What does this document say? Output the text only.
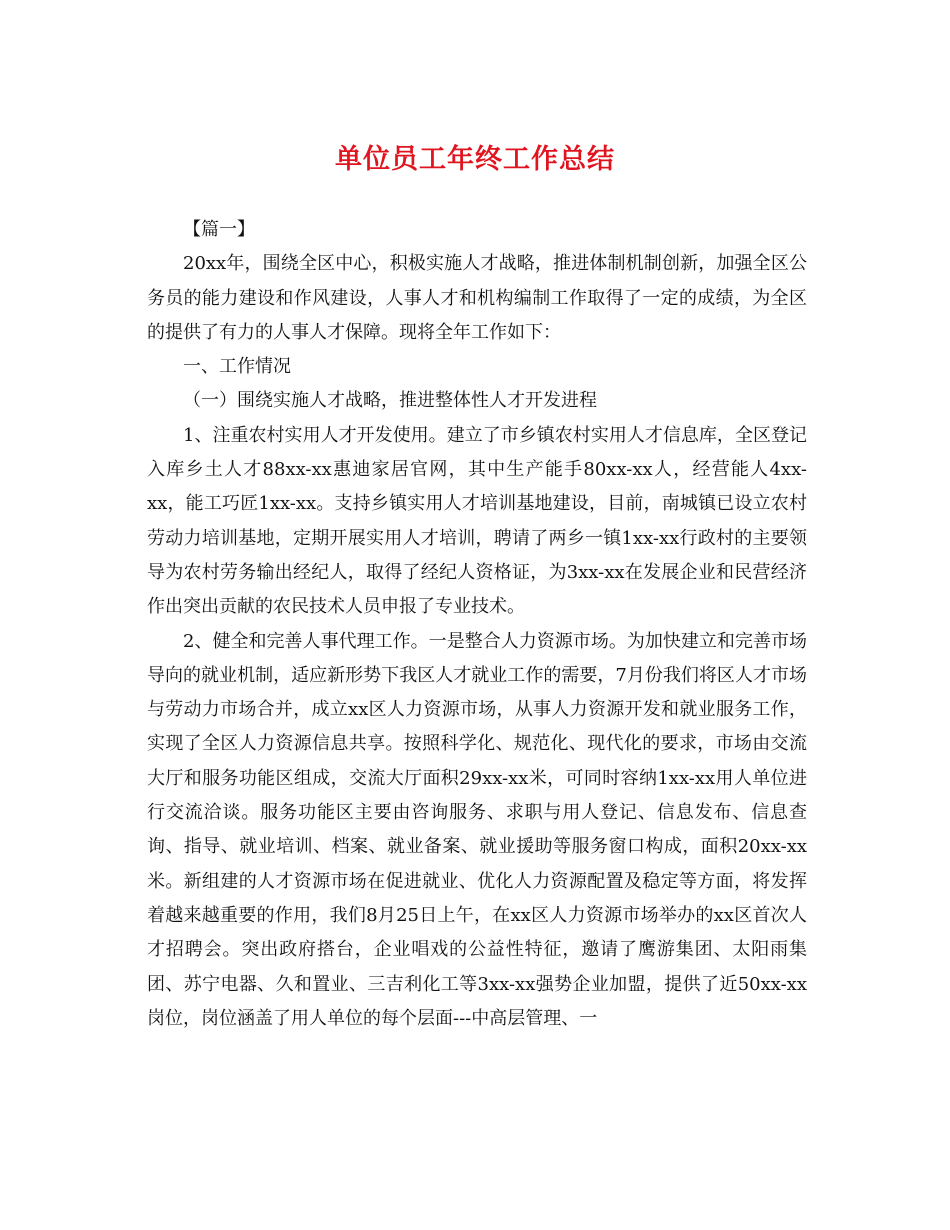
单位员工年终工作总结

【篇一】

20xx年，围绕全区中心，积极实施人才战略，推进体制机制创新，加强全区公务员的能力建设和作风建设，人事人才和机构编制工作取得了一定的成绩，为全区的提供了有力的人事人才保障。现将全年工作如下：

一、工作情况

（一）围绕实施人才战略，推进整体性人才开发进程

1、注重农村实用人才开发使用。建立了市乡镇农村实用人才信息库，全区登记入库乡土人才88xx-xx惠迪家居官网，其中生产能手80xx-xx人，经营能人4xx-xx，能工巧匠1xx-xx。支持乡镇实用人才培训基地建设，目前，南城镇已设立农村劳动力培训基地，定期开展实用人才培训，聘请了两乡一镇1xx-xx行政村的主要领导为农村劳务输出经纪人，取得了经纪人资格证，为3xx-xx在发展企业和民营经济作出突出贡献的农民技术人员申报了专业技术。

2、健全和完善人事代理工作。一是整合人力资源市场。为加快建立和完善市场导向的就业机制，适应新形势下我区人才就业工作的需要，7月份我们将区人才市场与劳动力市场合并，成立xx区人力资源市场，从事人力资源开发和就业服务工作，实现了全区人力资源信息共享。按照科学化、规范化、现代化的要求，市场由交流大厅和服务功能区组成，交流大厅面积29xx-xx米，可同时容纳1xx-xx用人单位进行交流洽谈。服务功能区主要由咨询服务、求职与用人登记、信息发布、信息查询、指导、就业培训、档案、就业备案、就业援助等服务窗口构成，面积20xx-xx米。新组建的人才资源市场在促进就业、优化人力资源配置及稳定等方面，将发挥着越来越重要的作用，我们8月25日上午，在xx区人力资源市场举办的xx区首次人才招聘会。突出政府搭台，企业唱戏的公益性特征，邀请了鹰游集团、太阳雨集团、苏宁电器、久和置业、三吉利化工等3xx-xx强势企业加盟，提供了近50xx-xx岗位，岗位涵盖了用人单位的每个层面---中高层管理、一
